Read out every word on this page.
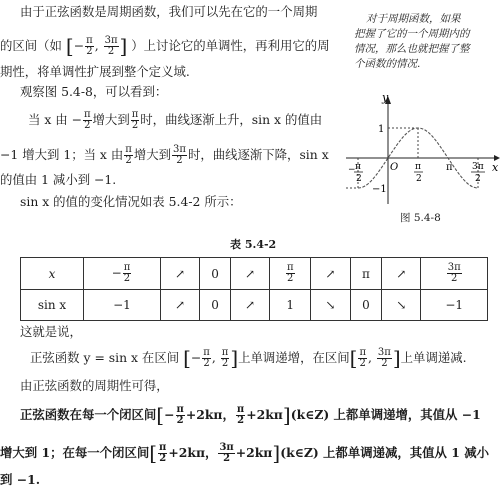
由于正弦函数是周期函数，我们可以先在它的一个周期
的区间（如 [− $\frac{\pi}{2}$ , $\frac{3\pi}{2}$ ] ）上讨论它的单调性，再利用它的周
期性，将单调性扩展到整个定义域.
观察图 5.4-8，可以看到：
当 x 由 − $\frac{\pi}{2}$ 增大到 $\frac{\pi}{2}$ 时，曲线逐渐上升，sin x 的值由
−1 增大到 1；当 x 由 $\frac{\pi}{2}$ 增大到 $\frac{3\pi}{2}$ 时，曲线逐渐下降，sin x
的值由 1 减小到 −1.
sin x 的值的变化情况如表 5.4-2 所示：
对于周期函数，如果
把握了它的一个周期内的
情况，那么也就把握了整
个函数的情况.
y
x
1
−1
O	π
− π
2
π
2
3π
2
图 5.4-8
表 5.4-2
x	− $\frac{\pi}{2}$	↗	0	↗	$\frac{\pi}{2}$	↗	π	↗	$\frac{3\pi}{2}$

sin x	−1	↗	0	↗	1	↘	0	↘	−1
这就是说，
正弦函数 y = sin x 在区间 [− $\frac{\pi}{2}$ , $\frac{\pi}{2}$ ]上单调递增，在区间[ $\frac{\pi}{2}$ , $\frac{3\pi}{2}$ ]上单调递减.
由正弦函数的周期性可得，
正弦函数在每一个闭区间[− $\frac{\pi}{2} +2k\pi$， $\frac{\pi}{2}$ +2kπ](k∈Z) 上都单调递增，其值从 −1
增大到 1；在每一个闭区间[ $\frac{\pi}{2} +2k\pi$， $\frac{3\pi}{2}$ +2kπ](k∈Z) 上都单调递减，其值从 1 减小
到 −1.
